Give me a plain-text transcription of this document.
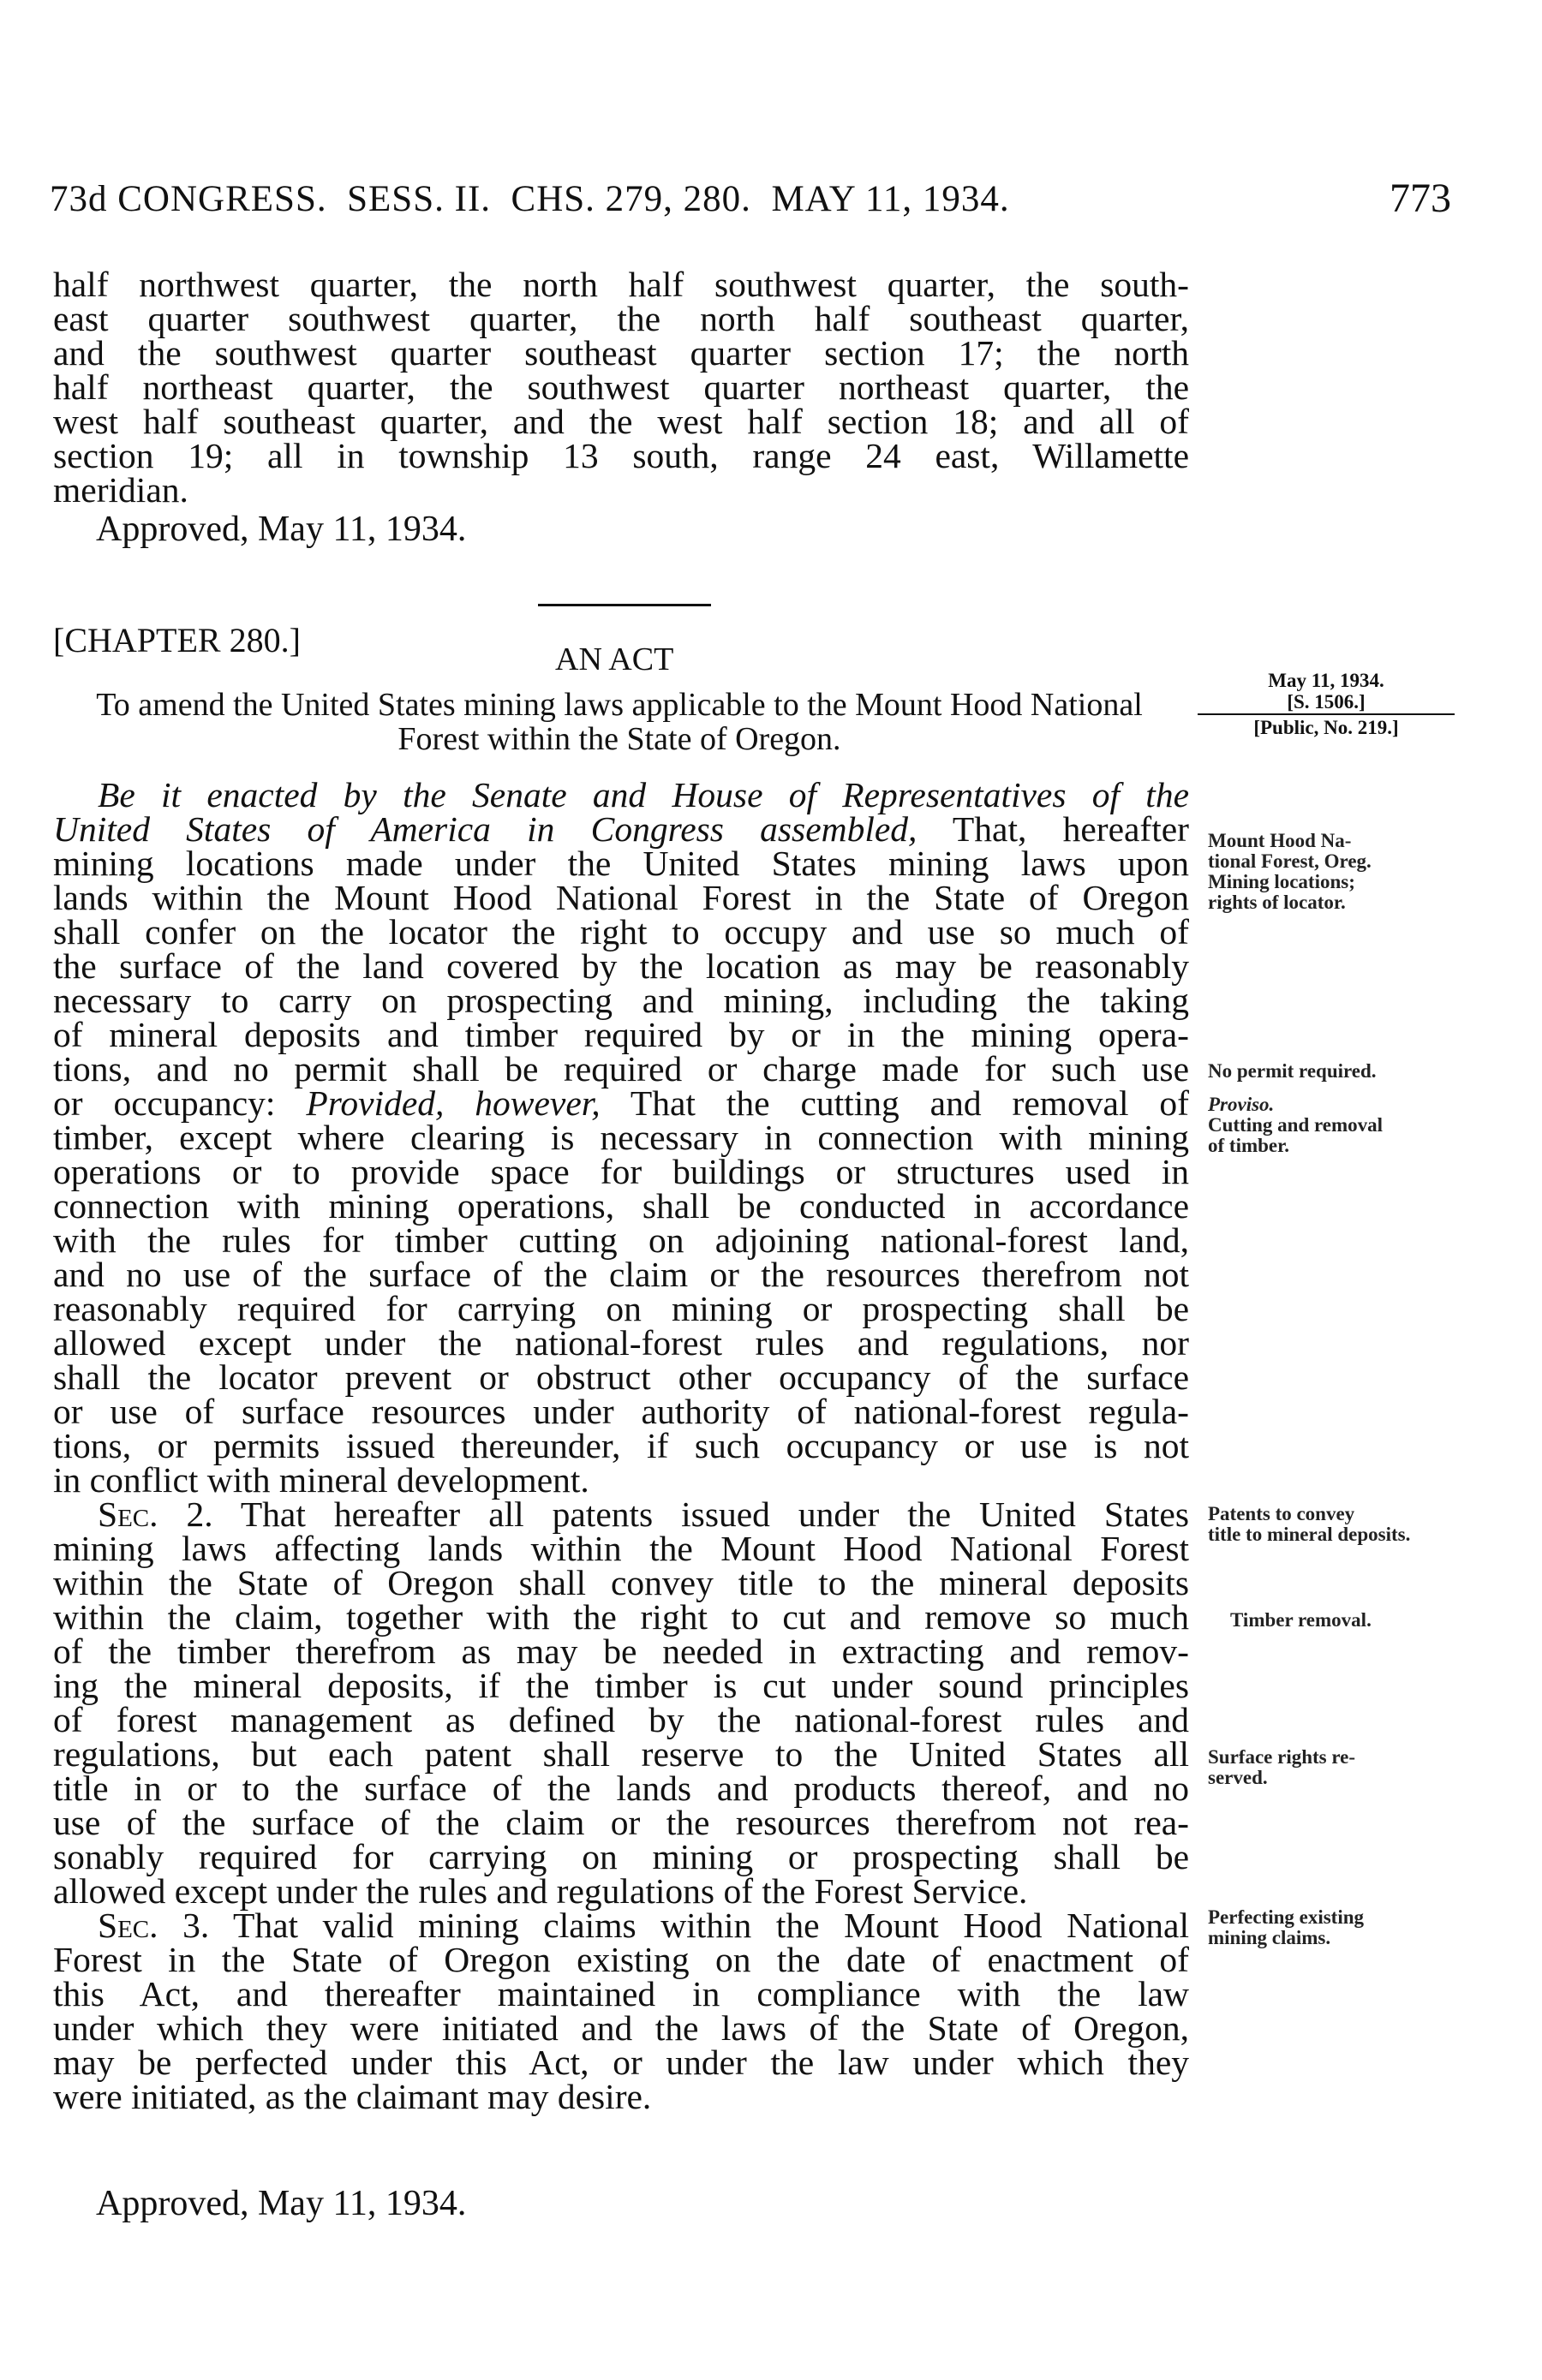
73d CONGRESS. SESS. II. CHS. 279, 280. MAY 11, 1934.	773
half northwest quarter, the north half southwest quarter, the south-
east quarter southwest quarter, the north half southeast quarter,
and the southwest quarter southeast quarter section 17; the north
half northeast quarter, the southwest quarter northeast quarter, the
west half southeast quarter, and the west half section 18; and all of
section 19; all in township 13 south, range 24 east, Willamette
meridian.
Approved, May 11, 1934.
[CHAPTER 280.]	AN ACT
To amend the United States mining laws applicable to the Mount Hood National
Forest within the State of Oregon.
May 11, 1934.
[S. 1506.]
[Public, No. 219.]
Be it enacted by the Senate and House of Representatives of the
United States of America in Congress assembled, That, hereafter
mining locations made under the United States mining laws upon
lands within the Mount Hood National Forest in the State of Oregon
shall confer on the locator the right to occupy and use so much of
the surface of the land covered by the location as may be reasonably
necessary to carry on prospecting and mining, including the taking
of mineral deposits and timber required by or in the mining opera-
tions, and no permit shall be required or charge made for such use
or occupancy: Provided, however, That the cutting and removal of
timber, except where clearing is necessary in connection with mining
operations or to provide space for buildings or structures used in
connection with mining operations, shall be conducted in accordance
with the rules for timber cutting on adjoining national-forest land,
and no use of the surface of the claim or the resources therefrom not
reasonably required for carrying on mining or prospecting shall be
allowed except under the national-forest rules and regulations, nor
shall the locator prevent or obstruct other occupancy of the surface
or use of surface resources under authority of national-forest regula-
tions, or permits issued thereunder, if such occupancy or use is not
in conflict with mineral development.
Sec. 2. That hereafter all patents issued under the United States
mining laws affecting lands within the Mount Hood National Forest
within the State of Oregon shall convey title to the mineral deposits
within the claim, together with the right to cut and remove so much
of the timber therefrom as may be needed in extracting and remov-
ing the mineral deposits, if the timber is cut under sound principles
of forest management as defined by the national-forest rules and
regulations, but each patent shall reserve to the United States all
title in or to the surface of the lands and products thereof, and no
use of the surface of the claim or the resources therefrom not rea-
sonably required for carrying on mining or prospecting shall be
allowed except under the rules and regulations of the Forest Service.
Sec. 3. That valid mining claims within the Mount Hood National
Forest in the State of Oregon existing on the date of enactment of
this Act, and thereafter maintained in compliance with the law
under which they were initiated and the laws of the State of Oregon,
may be perfected under this Act, or under the law under which they
were initiated, as the claimant may desire.
Approved, May 11, 1934.
Mount Hood Na-
tional Forest, Oreg.
Mining locations;
rights of locator.
No permit required.
Proviso.
Cutting and removal
of timber.
Patents to convey
title to mineral deposits.
Timber removal.
Surface rights re-
served.
Perfecting existing
mining claims.
